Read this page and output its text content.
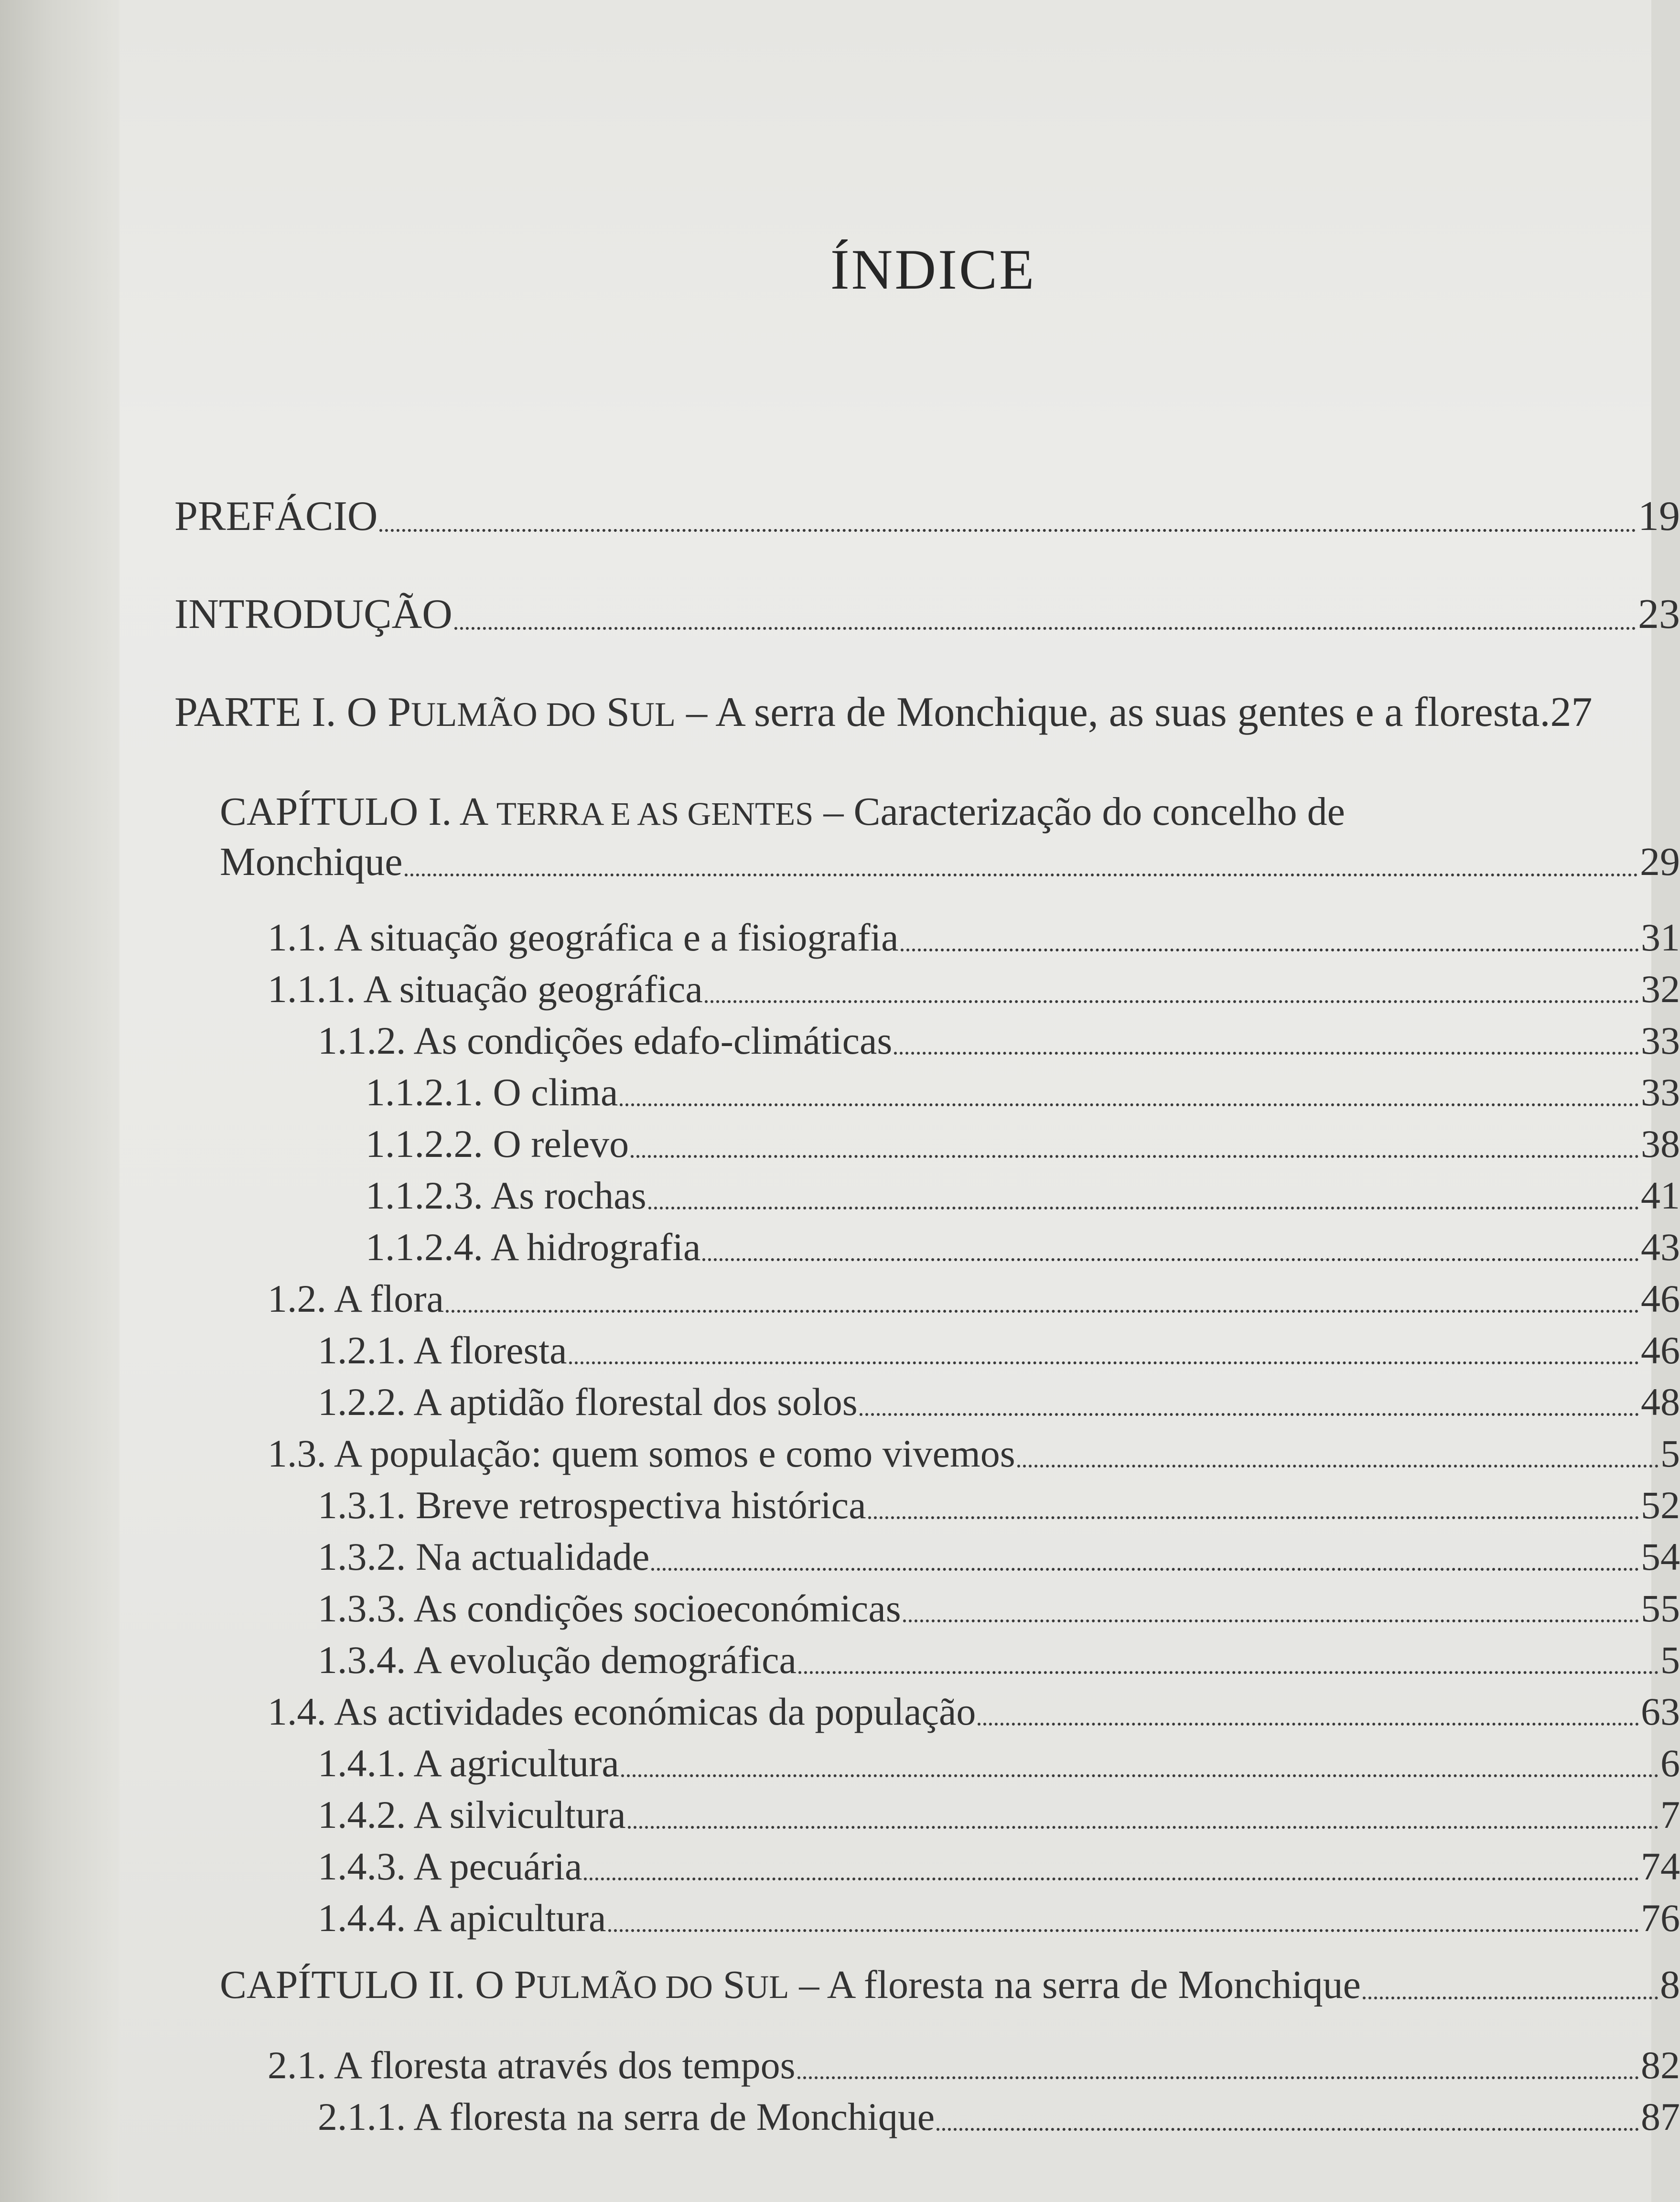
ÍNDICE
PREFÁCIO	19
INTRODUÇÃO	23
PARTE I. O PULMÃO DO SUL – A serra de Monchique, as suas gentes e a floresta .27
CAPÍTULO I. A TERRA E AS GENTES – Caracterização do concelho de
Monchique	29
1.1. A situação geográfica e a fisiografia	31
1.1.1. A situação geográfica	32
1.1.2. As condições edafo-climáticas	33
1.1.2.1. O clima	33
1.1.2.2. O relevo	38
1.1.2.3. As rochas	41
1.1.2.4. A hidrografia	43
1.2. A flora	46
1.2.1. A floresta	46
1.2.2. A aptidão florestal dos solos	48
1.3. A população: quem somos e como vivemos	5
1.3.1. Breve retrospectiva histórica	52
1.3.2. Na actualidade	54
1.3.3. As condições socioeconómicas	55
1.3.4. A evolução demográfica	5
1.4. As actividades económicas da população	63
1.4.1. A agricultura	6
1.4.2. A silvicultura	7
1.4.3. A pecuária	74
1.4.4. A apicultura	76
CAPÍTULO II. O PULMÃO DO SUL – A floresta na serra de Monchique	8
2.1. A floresta através dos tempos	82
2.1.1. A floresta na serra de Monchique	87
